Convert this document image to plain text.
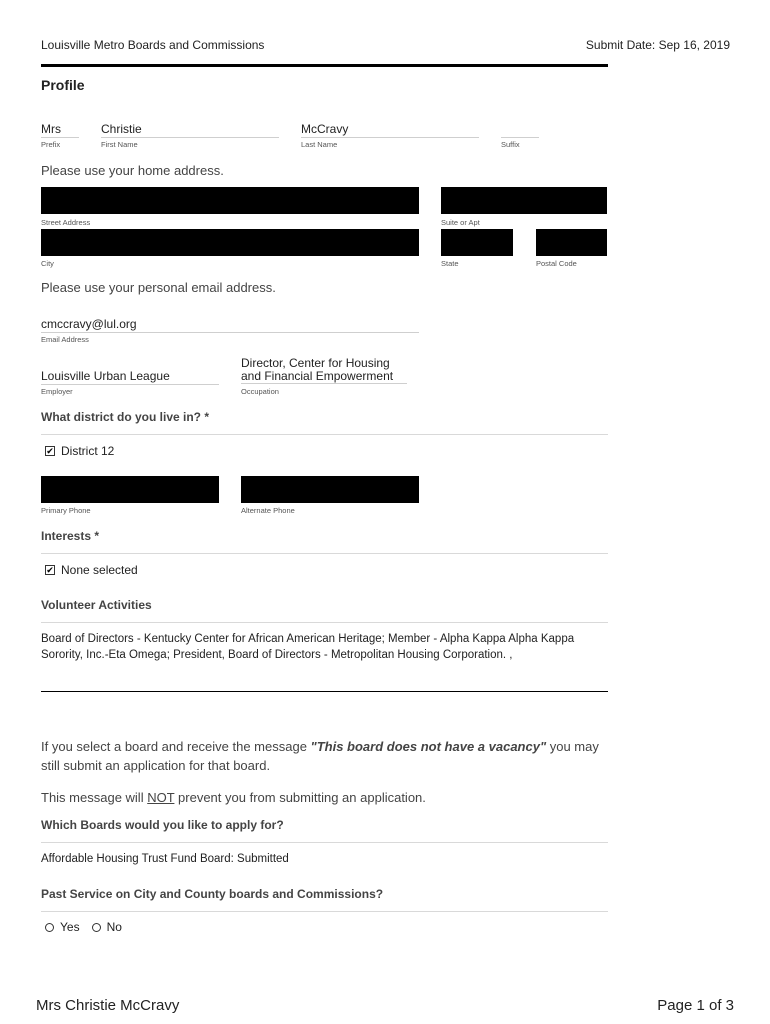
Louisville Metro Boards and Commissions	Submit Date: Sep 16, 2019
Profile
Mrs
Prefix
Christie
First Name
McCravy
Last Name	Suffix
Please use your home address.
Street Address	Suite or Apt
City	State	Postal Code
Please use your personal email address.
cmccravy@lul.org
Email Address
Louisville Urban League
Employer
Director, Center for Housing
and Financial Empowerment
Occupation
What district do you live in? *
✔ District 12
Primary Phone	Alternate Phone
Interests *
✔ None selected
Volunteer Activities
Board of Directors - Kentucky Center for African American Heritage; Member - Alpha Kappa Alpha Kappa
Sorority, Inc.-Eta Omega; President, Board of Directors - Metropolitan Housing Corporation. ,
If you select a board and receive the message "This board does not have a vacancy" you may
still submit an application for that board.
This message will NOT prevent you from submitting an application.
Which Boards would you like to apply for?
Affordable Housing Trust Fund Board: Submitted
Past Service on City and County boards and Commissions?
Yes No
Mrs Christie McCravy	Page 1 of 3
